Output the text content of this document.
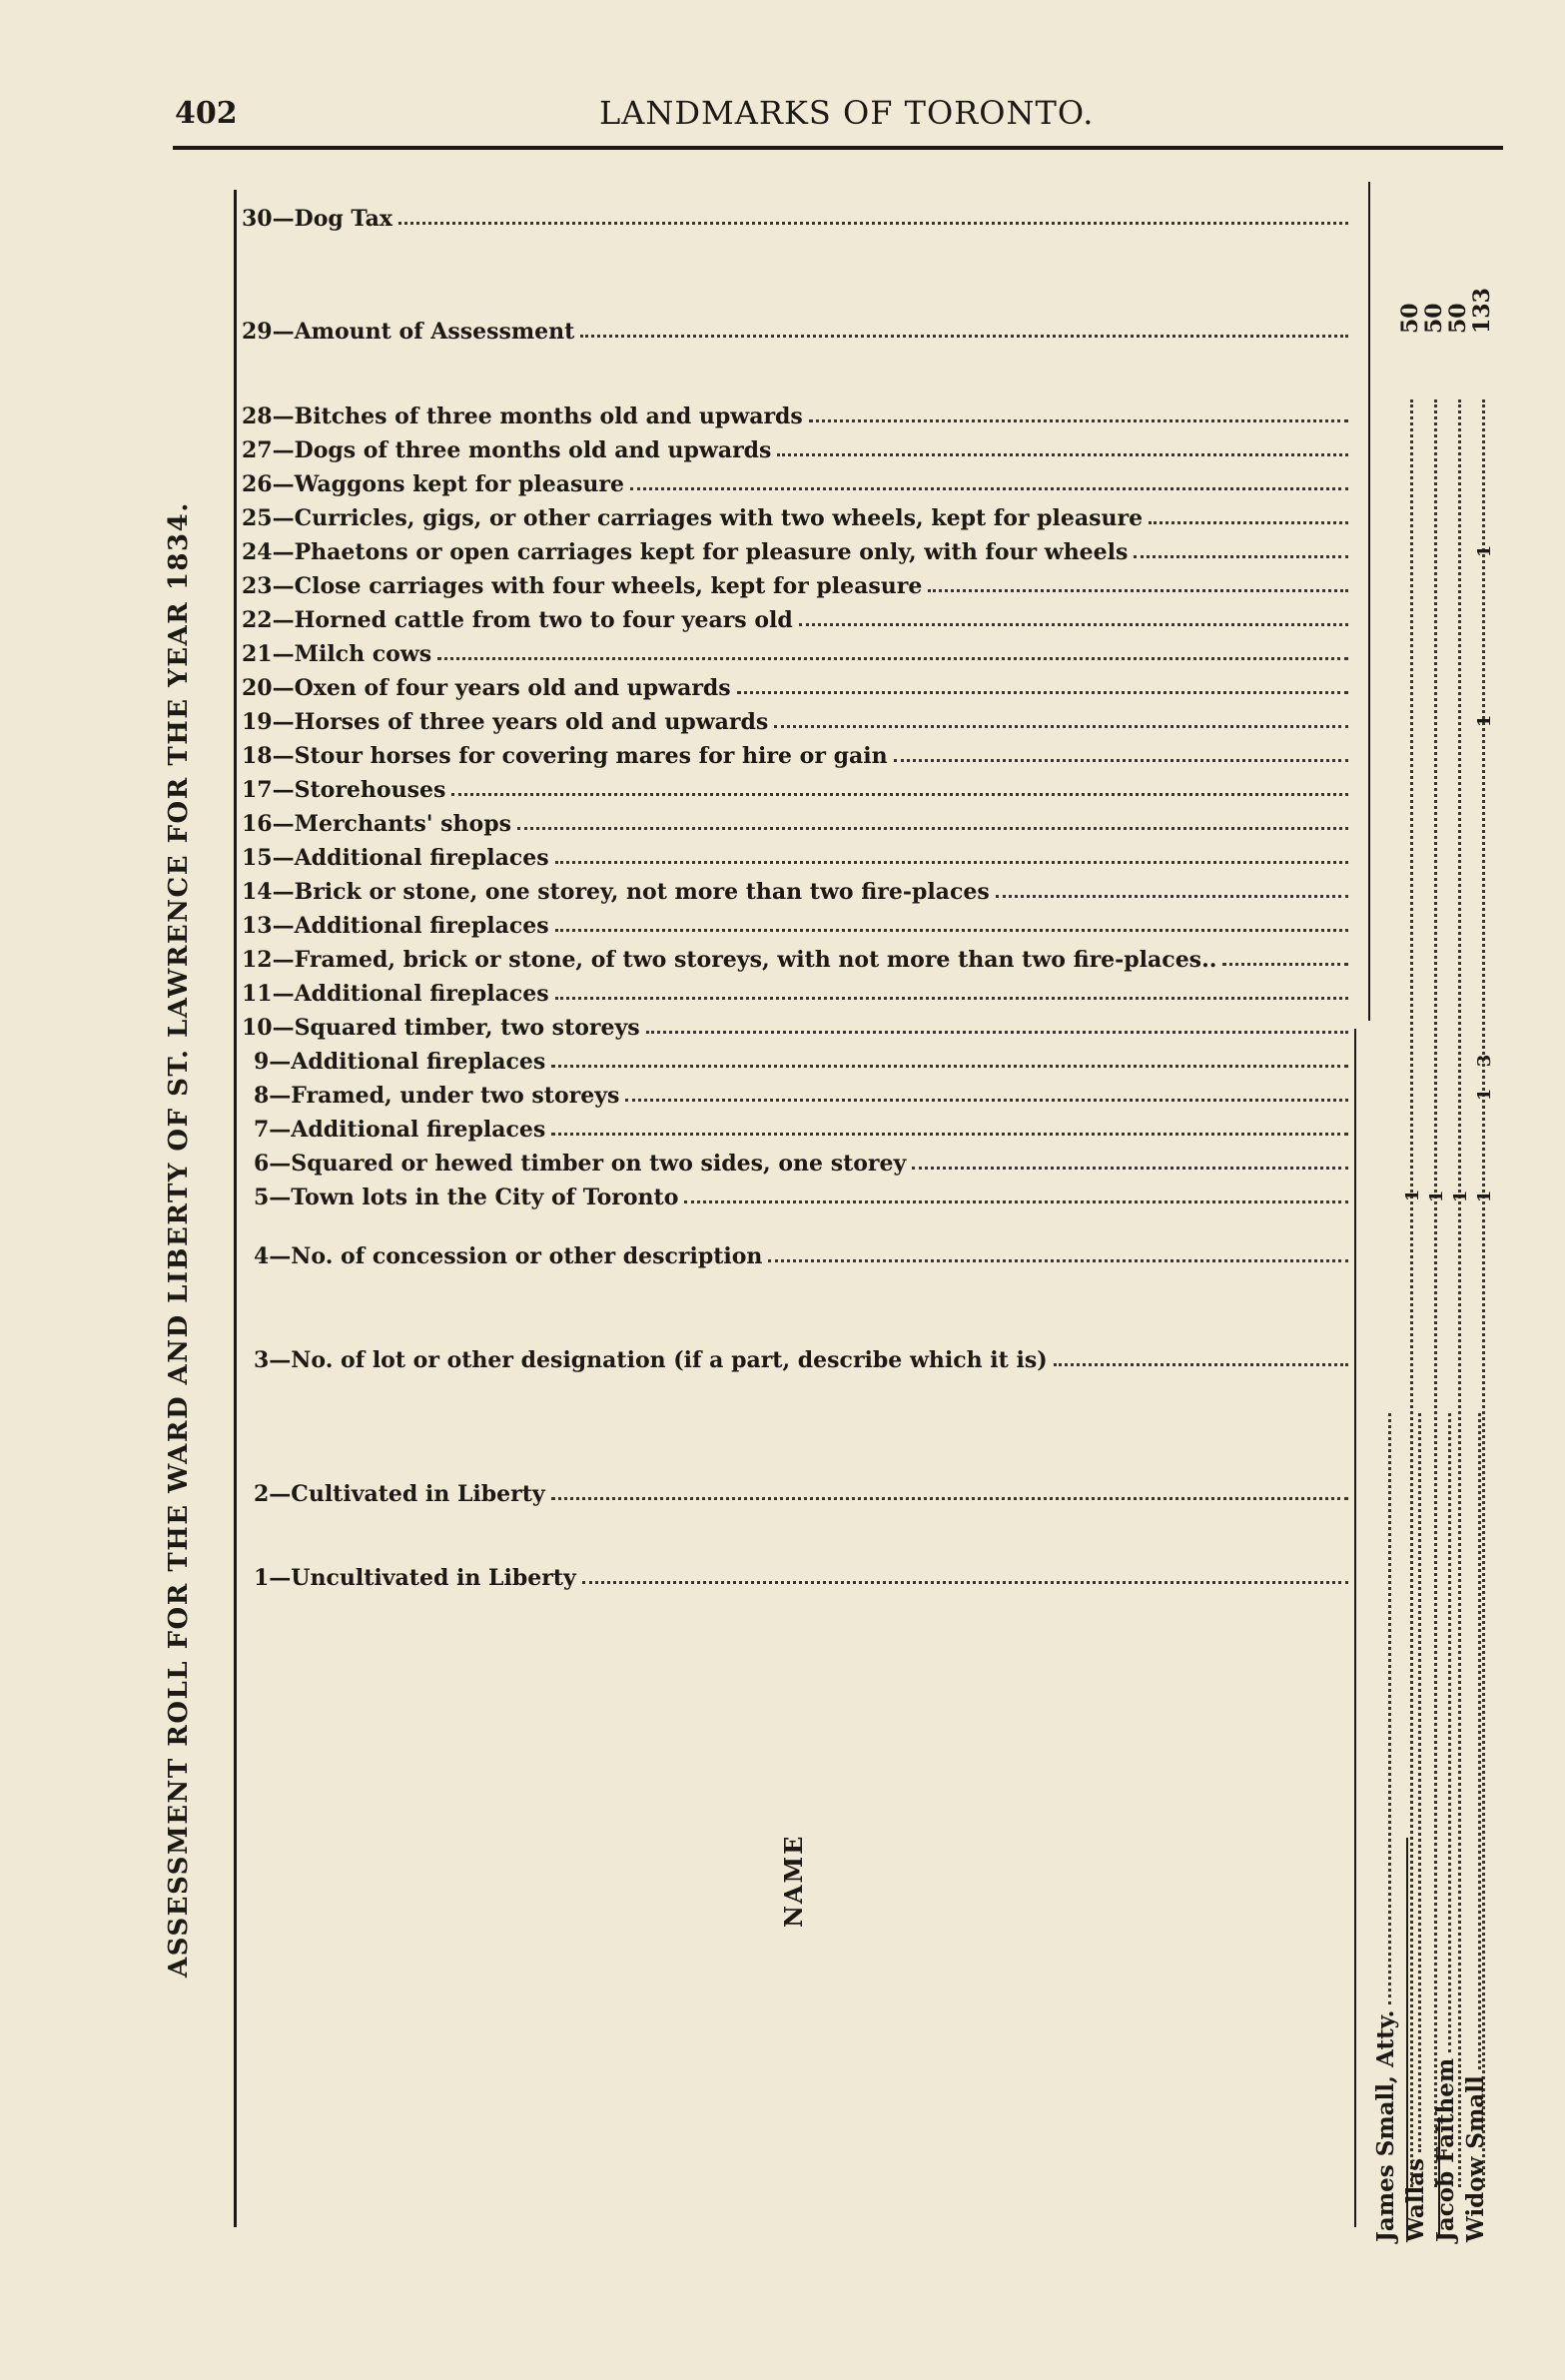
402	LANDMARKS OF TORONTO.
ASSESSMENT ROLL FOR THE WARD AND LIBERTY OF ST. LAWRENCE FOR THE YEAR 1834.
30—Dog Tax
29—Amount of Assessment
28—Bitches of three months old and upwards
27—Dogs of three months old and upwards
26—Waggons kept for pleasure
25—Curricles, gigs, or other carriages with two wheels, kept for pleasure
24—Phaetons or open carriages kept for pleasure only, with four wheels
23—Close carriages with four wheels, kept for pleasure
22—Horned cattle from two to four years old
21—Milch cows
20—Oxen of four years old and upwards
19—Horses of three years old and upwards
18—Stour horses for covering mares for hire or gain
17—Storehouses
16—Merchants' shops
15—Additional fireplaces
14—Brick or stone, one storey, not more than two fire-places
13—Additional fireplaces
12—Framed, brick or stone, of two storeys, with not more than two fire-places..
11—Additional fireplaces
10—Squared timber, two storeys
9—Additional fireplaces
8—Framed, under two storeys
7—Additional fireplaces
6—Squared or hewed timber on two sides, one storey
5—Town lots in the City of Toronto
4—No. of concession or other description
3—No. of lot or other designation (if a part, describe which it is)
2—Cultivated in Liberty
1—Uncultivated in Liberty
NAME
50
50
50
133
1
1
3
1
1 1 1 1
James Small, Atty. Wallas Jacob Faithem Widow Small
